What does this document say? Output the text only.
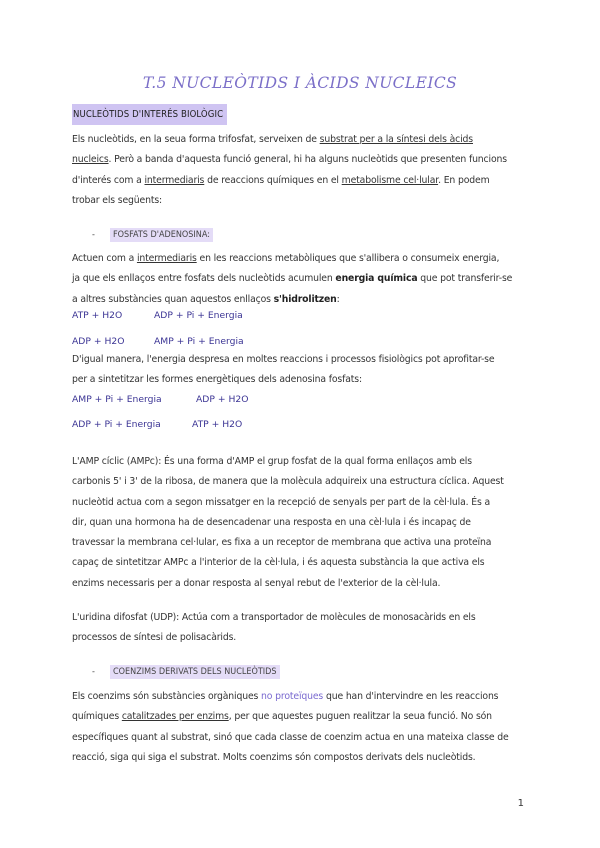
T.5 NUCLEÒTIDS I ÀCIDS NUCLEICS
NUCLEÒTIDS D'INTERÉS BIOLÒGIC
Els nucleòtids, en la seua forma trifosfat, serveixen de substrat per a la síntesi dels àcids
nucleics. Però a banda d'aquesta funció general, hi ha alguns nucleòtids que presenten funcions
d'interés com a intermediaris de reaccions químiques en el metabolisme cel·lular. En podem
trobar els següents:
- FOSFATS D'ADENOSINA:
Actuen com a intermediaris en les reaccions metabòliques que s'allibera o consumeix energia,
ja que els enllaços entre fosfats dels nucleòtids acumulen energia química que pot transferir-se
a altres substàncies quan aquestos enllaços s'hidrolitzen:
ATP + H2O	ADP + Pi + Energia
ADP + H2O	AMP + Pi + Energia
D'igual manera, l'energia despresa en moltes reaccions i processos fisiològics pot aprofitar-se
per a sintetitzar les formes energètiques dels adenosina fosfats:
AMP + Pi + Energia	ADP + H2O
ADP + Pi + Energia	ATP + H2O
L'AMP cíclic (AMPc): És una forma d'AMP el grup fosfat de la qual forma enllaços amb els
carbonis 5' i 3' de la ribosa, de manera que la molècula adquireix una estructura cíclica. Aquest
nucleòtid actua com a segon missatger en la recepció de senyals per part de la cèl·lula. És a
dir, quan una hormona ha de desencadenar una resposta en una cèl·lula i és incapaç de
travessar la membrana cel·lular, es fixa a un receptor de membrana que activa una proteïna
capaç de sintetitzar AMPc a l'interior de la cèl·lula, i és aquesta substància la que activa els
enzims necessaris per a donar resposta al senyal rebut de l'exterior de la cèl·lula.
L'uridina difosfat (UDP): Actúa com a transportador de molècules de monosacàrids en els
processos de síntesi de polisacàrids.
- COENZIMS DERIVATS DELS NUCLEÒTIDS
Els coenzims són substàncies orgàniques no proteïques que han d'intervindre en les reaccions
químiques catalitzades per enzims, per que aquestes puguen realitzar la seua funció. No són
específiques quant al substrat, sinó que cada classe de coenzim actua en una mateixa classe de
reacció, siga qui siga el substrat. Molts coenzims són compostos derivats dels nucleòtids.
1
